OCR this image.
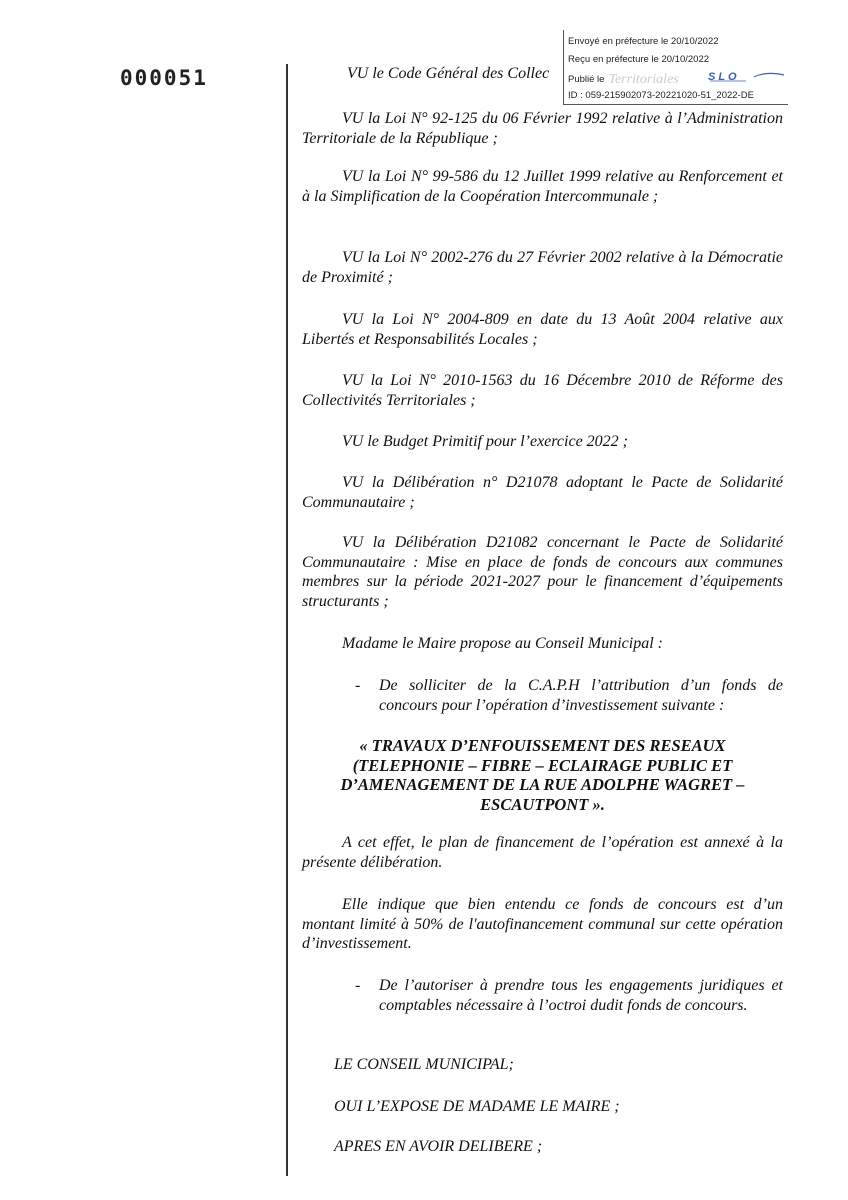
000051
Envoyé en préfecture le 20/10/2022
Reçu en préfecture le 20/10/2022
Publié le Territoriales	SLO
ID : 059-215902073-20221020-51_2022-DE
VU le Code Général des Collec

VU la Loi N° 92-125 du 06 Février 1992 relative à l’Administration Territoriale de la République ;

VU la Loi N° 99-586 du 12 Juillet 1999 relative au Renforcement et à la Simplification de la Coopération Intercommunale ;

VU la Loi N° 2002-276 du 27 Février 2002 relative à la Démocratie de Proximité ;

VU la Loi N° 2004-809 en date du 13 Août 2004 relative aux Libertés et Responsabilités Locales ;

VU la Loi N° 2010-1563 du 16 Décembre 2010 de Réforme des Collectivités Territoriales ;

VU le Budget Primitif pour l’exercice 2022 ;

VU la Délibération n° D21078 adoptant le Pacte de Solidarité Communautaire ;

VU la Délibération D21082 concernant le Pacte de Solidarité Communautaire : Mise en place de fonds de concours aux communes membres sur la période 2021-2027 pour le financement d’équipements structurants ;

Madame le Maire propose au Conseil Municipal :

- De solliciter de la C.A.P.H l’attribution d’un fonds de concours pour l’opération d’investissement suivante :
« TRAVAUX D’ENFOUISSEMENT DES RESEAUX
(TELEPHONIE – FIBRE – ECLAIRAGE PUBLIC ET
D’AMENAGEMENT DE LA RUE ADOLPHE WAGRET –
ESCAUTPONT ».

A cet effet, le plan de financement de l’opération est annexé à la présente délibération.

Elle indique que bien entendu ce fonds de concours est d’un montant limité à 50% de l'autofinancement communal sur cette opération d’investissement.

- De l’autoriser à prendre tous les engagements juridiques et comptables nécessaire à l’octroi dudit fonds de concours.

LE CONSEIL MUNICIPAL;

OUI L’EXPOSE DE MADAME LE MAIRE ;

APRES EN AVOIR DELIBERE ;
